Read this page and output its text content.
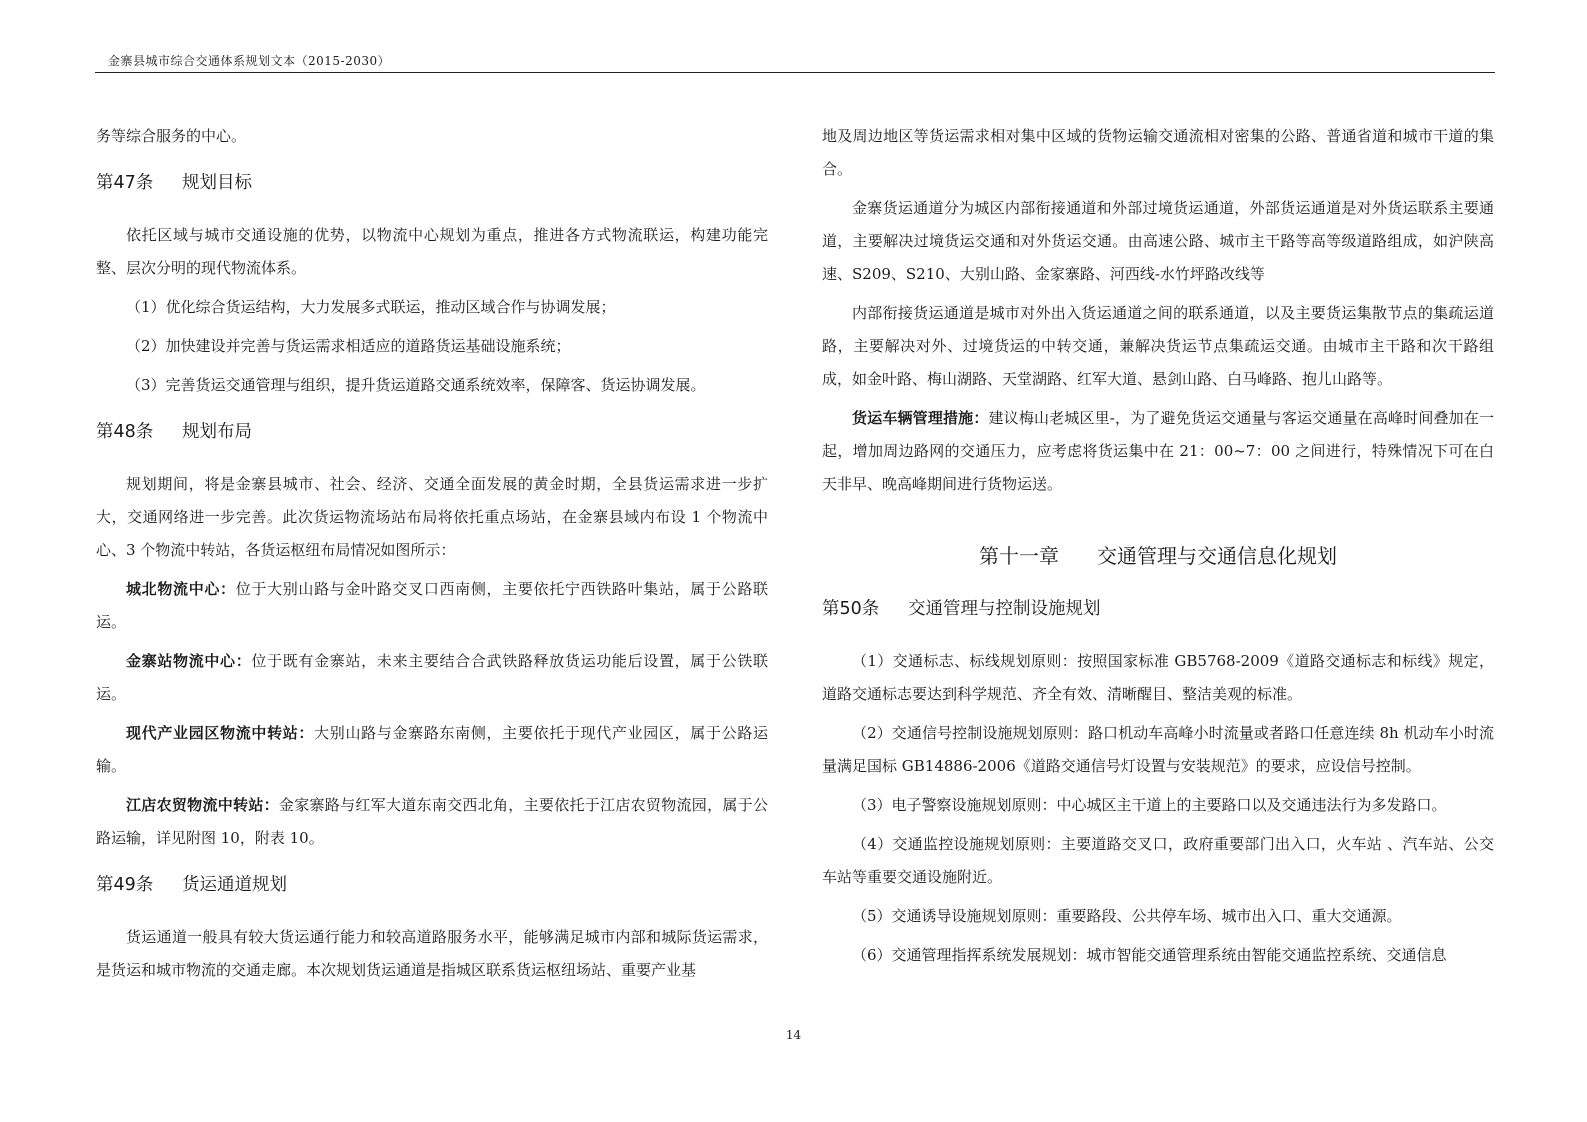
金寨县城市综合交通体系规划文本（2015-2030）

务等综合服务的中心。

第47条 规划目标

依托区域与城市交通设施的优势，以物流中心规划为重点，推进各方式物流联运，构建功能完整、层次分明的现代物流体系。

（1）优化综合货运结构，大力发展多式联运，推动区域合作与协调发展；

（2）加快建设并完善与货运需求相适应的道路货运基础设施系统；

（3）完善货运交通管理与组织，提升货运道路交通系统效率，保障客、货运协调发展。

第48条 规划布局

规划期间，将是金寨县城市、社会、经济、交通全面发展的黄金时期，全县货运需求进一步扩大，交通网络进一步完善。此次货运物流场站布局将依托重点场站，在金寨县域内布设 1 个物流中心、3 个物流中转站，各货运枢纽布局情况如图所示：

城北物流中心：位于大别山路与金叶路交叉口西南侧，主要依托宁西铁路叶集站，属于公路联运。

金寨站物流中心：位于既有金寨站，未来主要结合合武铁路释放货运功能后设置，属于公铁联运。

现代产业园区物流中转站：大别山路与金寨路东南侧，主要依托于现代产业园区，属于公路运输。

江店农贸物流中转站：金家寨路与红军大道东南交西北角，主要依托于江店农贸物流园，属于公路运输，详见附图 10，附表 10。

第49条 货运通道规划

货运通道一般具有较大货运通行能力和较高道路服务水平，能够满足城市内部和城际货运需求，是货运和城市物流的交通走廊。本次规划货运通道是指城区联系货运枢纽场站、重要产业基

地及周边地区等货运需求相对集中区域的货物运输交通流相对密集的公路、普通省道和城市干道的集合。

金寨货运通道分为城区内部衔接通道和外部过境货运通道，外部货运通道是对外货运联系主要通道，主要解决过境货运交通和对外货运交通。由高速公路、城市主干路等高等级道路组成，如沪陕高速、S209、S210、大别山路、金家寨路、河西线-水竹坪路改线等

内部衔接货运通道是城市对外出入货运通道之间的联系通道，以及主要货运集散节点的集疏运道路，主要解决对外、过境货运的中转交通，兼解决货运节点集疏运交通。由城市主干路和次干路组成，如金叶路、梅山湖路、天堂湖路、红军大道、悬剑山路、白马峰路、抱儿山路等。

货运车辆管理措施：建议梅山老城区里-，为了避免货运交通量与客运交通量在高峰时间叠加在一起，增加周边路网的交通压力，应考虑将货运集中在 21：00~7：00 之间进行，特殊情况下可在白天非早、晚高峰期间进行货物运送。

第十一章 交通管理与交通信息化规划
第50条 交通管理与控制设施规划

（1）交通标志、标线规划原则：按照国家标准 GB5768-2009《道路交通标志和标线》规定，道路交通标志要达到科学规范、齐全有效、清晰醒目、整洁美观的标准。

（2）交通信号控制设施规划原则：路口机动车高峰小时流量或者路口任意连续 8h 机动车小时流量满足国标 GB14886-2006《道路交通信号灯设置与安装规范》的要求，应设信号控制。

（3）电子警察设施规划原则：中心城区主干道上的主要路口以及交通违法行为多发路口。

（4）交通监控设施规划原则：主要道路交叉口，政府重要部门出入口，火车站 、汽车站、公交车站等重要交通设施附近。

（5）交通诱导设施规划原则：重要路段、公共停车场、城市出入口、重大交通源。

（6）交通管理指挥系统发展规划：城市智能交通管理系统由智能交通监控系统、交通信息

14
